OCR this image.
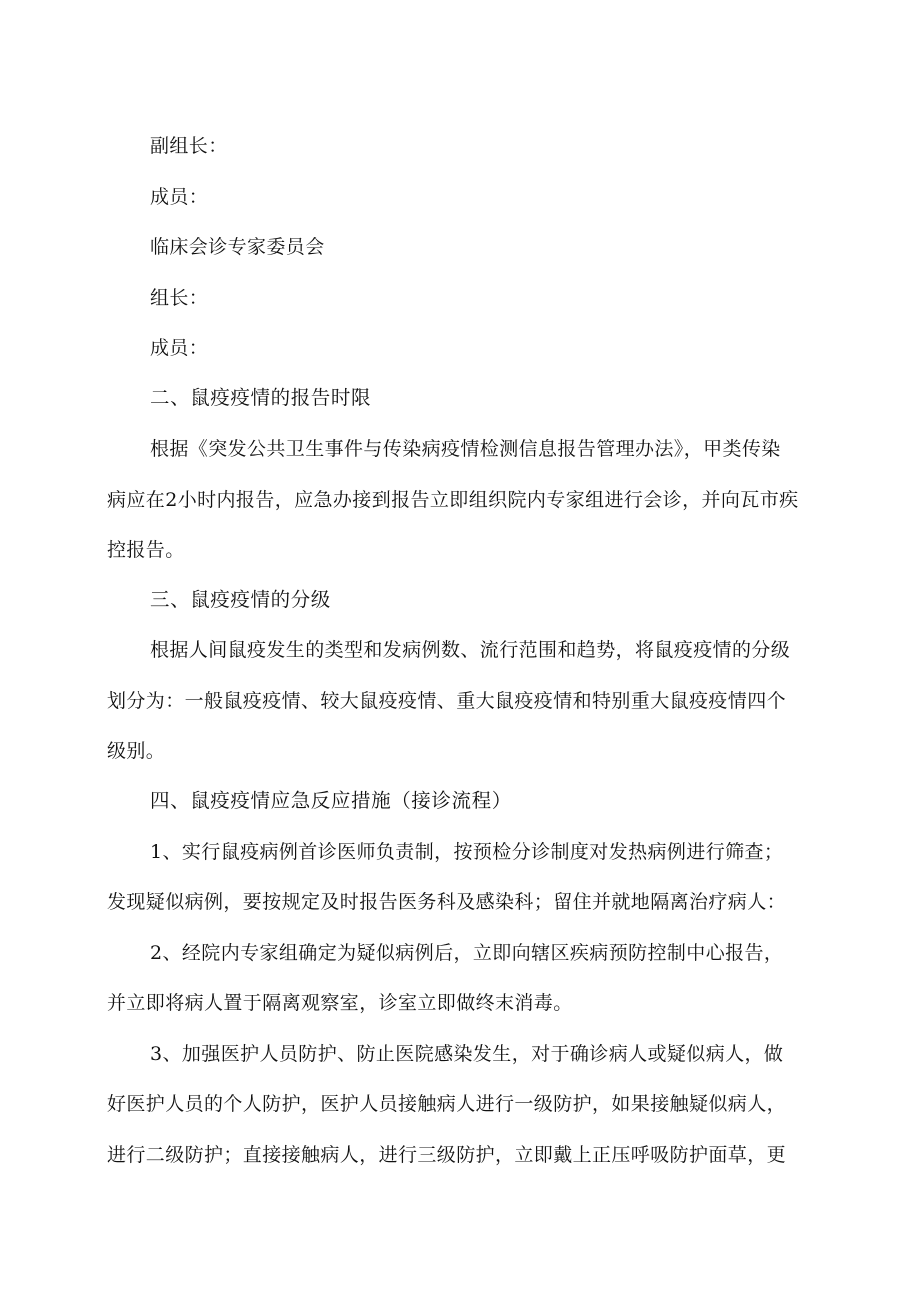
副组长：
成员：
临床会诊专家委员会
组长：
成员：
二、鼠疫疫情的报告时限
根据《突发公共卫生事件与传染病疫情检测信息报告管理办法》，甲类传染
病应在2小时内报告，应急办接到报告立即组织院内专家组进行会诊，并向瓦市疾
控报告。
三、鼠疫疫情的分级
根据人间鼠疫发生的类型和发病例数、流行范围和趋势，将鼠疫疫情的分级
划分为：一般鼠疫疫情、较大鼠疫疫情、重大鼠疫疫情和特别重大鼠疫疫情四个
级别。
四、鼠疫疫情应急反应措施（接诊流程）
1、实行鼠疫病例首诊医师负责制，按预检分诊制度对发热病例进行筛查；
发现疑似病例，要按规定及时报告医务科及感染科；留住并就地隔离治疗病人：
2、经院内专家组确定为疑似病例后，立即向辖区疾病预防控制中心报告，
并立即将病人置于隔离观察室，诊室立即做终末消毒。
3、加强医护人员防护、防止医院感染发生，对于确诊病人或疑似病人，做
好医护人员的个人防护，医护人员接触病人进行一级防护，如果接触疑似病人，
进行二级防护；直接接触病人，进行三级防护，立即戴上正压呼吸防护面草，更
